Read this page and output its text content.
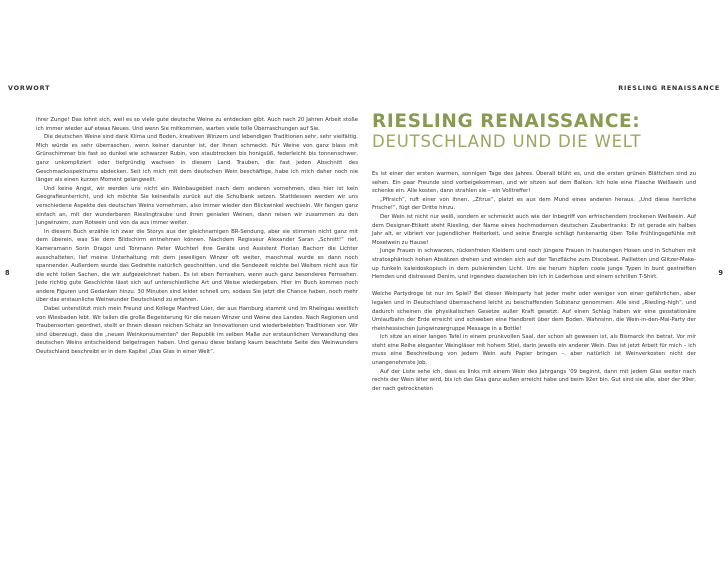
VORWORT	RIESLING RENAISSANCE
8	9

ihrer Zunge! Das lohnt sich, weil es so viele gute deutsche Weine zu entdecken gibt. Auch nach 20 Jahren Arbeit stoße ich immer wieder auf etwas Neues. Und wenn Sie mitkommen, warten viele tolle Überraschungen auf Sie.

Die deutschen Weine sind dank Klima und Boden, kreativen Winzern und lebendigen Traditionen sehr, sehr vielfältig. Mich würde es sehr überraschen, wenn keiner darunter ist, der Ihnen schmeckt. Für Weine von ganz blass mit Grünschimmer bis fast so dunkel wie schwarzer Rubin, von staubtrocken bis honigsüß, federleicht bis tonnenschwer, ganz unkompliziert oder tiefgründig wachsen in diesem Land Trauben, die fast jeden Abschnitt des Geschmacksspektrums abdecken. Seit ich mich mit dem deutschen Wein beschäftige, habe ich mich daher noch nie länger als einen kurzen Moment gelangweilt.

Und keine Angst, wir werden uns nicht ein Weinbaugebiet nach dem anderen vornehmen, dies hier ist kein Geografieunterricht, und ich möchte Sie keinesfalls zurück auf die Schulbank setzen. Stattdessen werden wir uns verschiedene Aspekte des deutschen Weins vornehmen, also immer wieder den Blickwinkel wechseln. Wir fangen ganz einfach an, mit der wunderbaren Rieslingtraube und ihren genialen Weinen, dann reisen wir zusammen zu den Jungwinzern, zum Rotwein und von da aus immer weiter.

In diesem Buch erzähle ich zwar die Storys aus der gleichnamigen BR-Sendung, aber sie stimmen nicht ganz mit dem überein, was Sie dem Bildschirm entnehmen können. Nachdem Regisseur Alexander Saran „Schnitt!“ rief, Kameramann Sorin Dragoi und Tonmann Peter Wuchterl ihre Geräte und Assistent Florian Bachorr die Lichter ausschalteten, lief meine Unterhaltung mit dem jeweiligen Winzer oft weiter, manchmal wurde es dann noch spannender. Außerdem wurde das Gedrehte natürlich geschnitten, und die Sendezeit reichte bei Weitem nicht aus für die echt tollen Sachen, die wir aufgezeichnet haben. Es ist eben Fernsehen, wenn auch ganz besonderes Fernsehen. Jede richtig gute Geschichte lässt sich auf unterschiedliche Art und Weise wiedergeben. Hier im Buch kommen noch andere Figuren und Gedanken hinzu. 30 Minuten sind leider schnell um, sodass Sie jetzt die Chance haben, noch mehr über das erstaunliche Weinwunder Deutschland zu erfahren.

Dabei unterstützt mich mein Freund und Kollege Manfred Lüer, der aus Hamburg stammt und im Rheingau westlich von Wiesbaden lebt. Wir teilen die große Begeisterung für die neuen Winzer und Weine des Landes. Nach Regionen und Traubensorten geordnet, stellt er Ihnen diesen reichen Schatz an Innovationen und wiederbelebten Traditionen vor. Wir sind überzeugt, dass die „neuen Weinkonsumenten“ der Republik im selben Maße zur erstaunlichen Verwandlung des deutschen Weins entscheidend beigetragen haben. Und genau diese bislang kaum beachtete Seite des Weinwunders Deutschland beschreibt er in dem Kapitel „Das Glas in einer Welt“.

RIESLING RENAISSANCE:
DEUTSCHLAND UND DIE WELT

Es ist einer der ersten warmen, sonnigen Tage des Jahres. Überall blüht es, und die ersten grünen Blättchen sind zu sehen. Ein paar Freunde sind vorbeigekommen, und wir sitzen auf dem Balkon. Ich hole eine Flasche Weißwein und schenke ein. Alle kosten, dann strahlen sie – ein Volltreffer!

„Pfirsich“, ruft einer von ihnen, „Zitrus“, platzt es aus dem Mund eines anderen heraus. „Und diese herrliche Frische!“, fügt der Dritte hinzu.

Der Wein ist nicht nur weiß, sondern er schmeckt auch wie der Inbegriff von erfrischendem trockenen Weißwein. Auf dem Designer-Etikett steht Riesling, der Name eines hochmodernen deutschen Zaubertranks: Er ist gerade ein halbes Jahr alt, er vibriert vor jugendlicher Heiterkeit, und seine Energie schlägt funkenartig über. Tolle Frühlingsgefühle mit Moselwein zu Hause!

Junge Frauen in schwarzen, rückenfreien Kleidern und noch jüngere Frauen in hautengen Hosen und in Schuhen mit stratosphärisch hohen Absätzen drehen und winden sich auf der Tanzfläche zum Discobeat. Pailletten und Glitzer-Make-up funkeln kaleidoskopisch in dem pulsierenden Licht. Um sie herum hüpfen coole junge Typen in bunt gestreiften Hemden und distressed Denim, und irgendwo dazwischen bin ich in Lederhose und einem schrillen T-Shirt.

Welche Partydroge ist nur im Spiel? Bei dieser Weinparty hat jeder mehr oder weniger von einer gefährlichen, aber legalen und in Deutschland überraschend leicht zu beschaffenden Substanz genommen: Alle sind „Riesling-high“, und dadurch scheinen die physikalischen Gesetze außer Kraft gesetzt. Auf einen Schlag haben wir eine geostationäre Umlaufbahn der Erde erreicht und schweben eine Handbreit über dem Boden. Wahnsinn, die Wein-in-den-Mai-Party der rheinhessischen Jungwinzergruppe Message in a Bottle!

Ich sitze an einer langen Tafel in einem prunkvollen Saal, der schon alt gewesen ist, als Bismarck ihn betrat. Vor mir steht eine Reihe eleganter Weingläser mit hohem Stiel, darin jeweils ein anderer Wein. Das ist jetzt Arbeit für mich – ich muss eine Beschreibung von jedem Wein aufs Papier bringen –, aber natürlich ist Weinverkosten nicht der unangenehmste Job.

Auf der Liste sehe ich, dass es links mit einem Wein des Jahrgangs ’09 beginnt, dann mit jedem Glas weiter nach rechts der Wein älter wird, bis ich das Glas ganz außen erreicht habe und beim 92er bin. Gut sind sie alle, aber der 99er, der nach getrockneten
